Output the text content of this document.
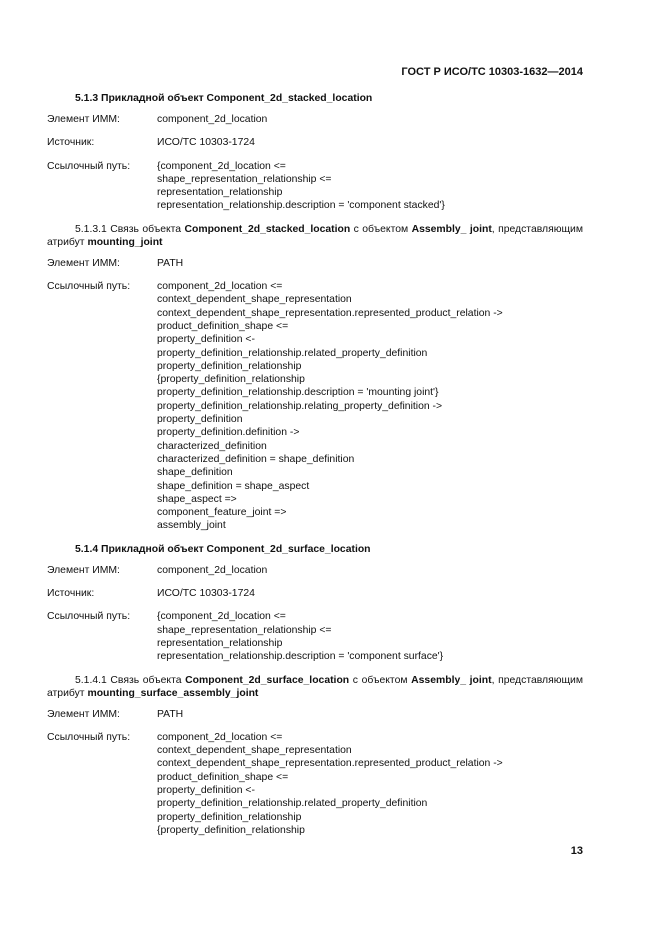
ГОСТ Р ИСО/ТС 10303-1632—2014
5.1.3 Прикладной объект Component_2d_stacked_location
Элемент ИММ:	component_2d_location
Источник:	ИСО/ТС 10303-1724
Ссылочный путь:	{component_2d_location <=
shape_representation_relationship <=
representation_relationship
representation_relationship.description = 'component stacked'}
5.1.3.1 Связь объекта Component_2d_stacked_location с объектом Assembly_ joint, представляющим атрибут mounting_joint
Элемент ИММ:	PATH
Ссылочный путь:	component_2d_location <=
context_dependent_shape_representation
context_dependent_shape_representation.represented_product_relation ->
product_definition_shape <=
property_definition <-
property_definition_relationship.related_property_definition
property_definition_relationship
{property_definition_relationship
property_definition_relationship.description = 'mounting joint'}
property_definition_relationship.relating_property_definition ->
property_definition
property_definition.definition ->
characterized_definition
characterized_definition = shape_definition
shape_definition
shape_definition = shape_aspect
shape_aspect =>
component_feature_joint =>
assembly_joint
5.1.4 Прикладной объект Component_2d_surface_location
Элемент ИММ:	component_2d_location
Источник:	ИСО/ТС 10303-1724
Ссылочный путь:	{component_2d_location <=
shape_representation_relationship <=
representation_relationship
representation_relationship.description = 'component surface'}
5.1.4.1 Связь объекта Component_2d_surface_location с объектом Assembly_ joint, представляющим атрибут mounting_surface_assembly_joint
Элемент ИММ:	PATH
Ссылочный путь:	component_2d_location <=
context_dependent_shape_representation
context_dependent_shape_representation.represented_product_relation ->
product_definition_shape <=
property_definition <-
property_definition_relationship.related_property_definition
property_definition_relationship
{property_definition_relationship
13
